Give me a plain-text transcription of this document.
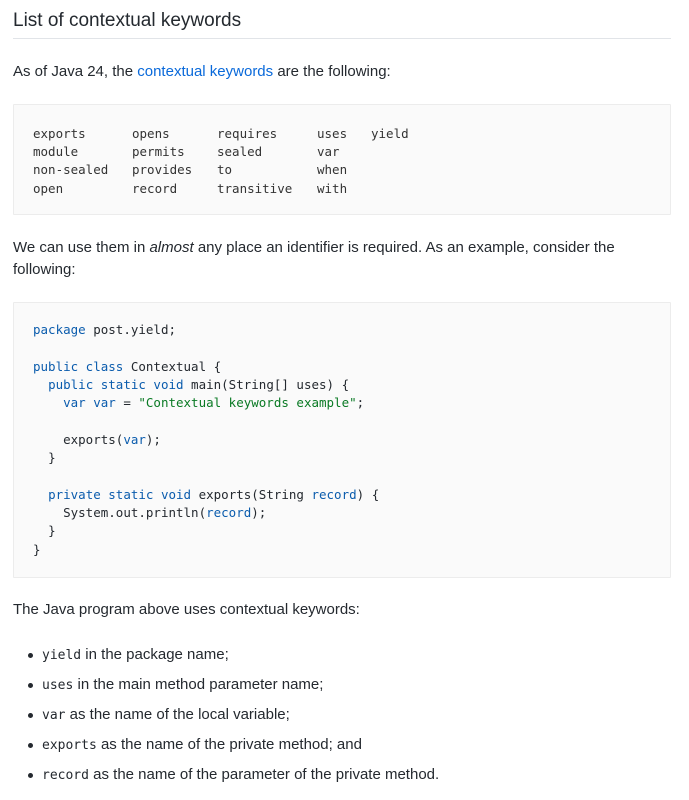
List of contextual keywords

As of Java 24, the contextual keywords are the following:

exports	opens	requires	uses	yield
module	permits	sealed	var	
non-sealed	provides	to	when	
open	record	transitive	with	

We can use them in almost any place an identifier is required. As an example, consider the following:

package post.yield;

public class Contextual {
public static void main(String[] uses) {
var var = "Contextual keywords example";

exports(var);
}

private static void exports(String record) {
System.out.println(record);
}
}

The Java program above uses contextual keywords:

yield in the package name;
uses in the main method parameter name;
var as the name of the local variable;
exports as the name of the private method; and
record as the name of the parameter of the private method.
